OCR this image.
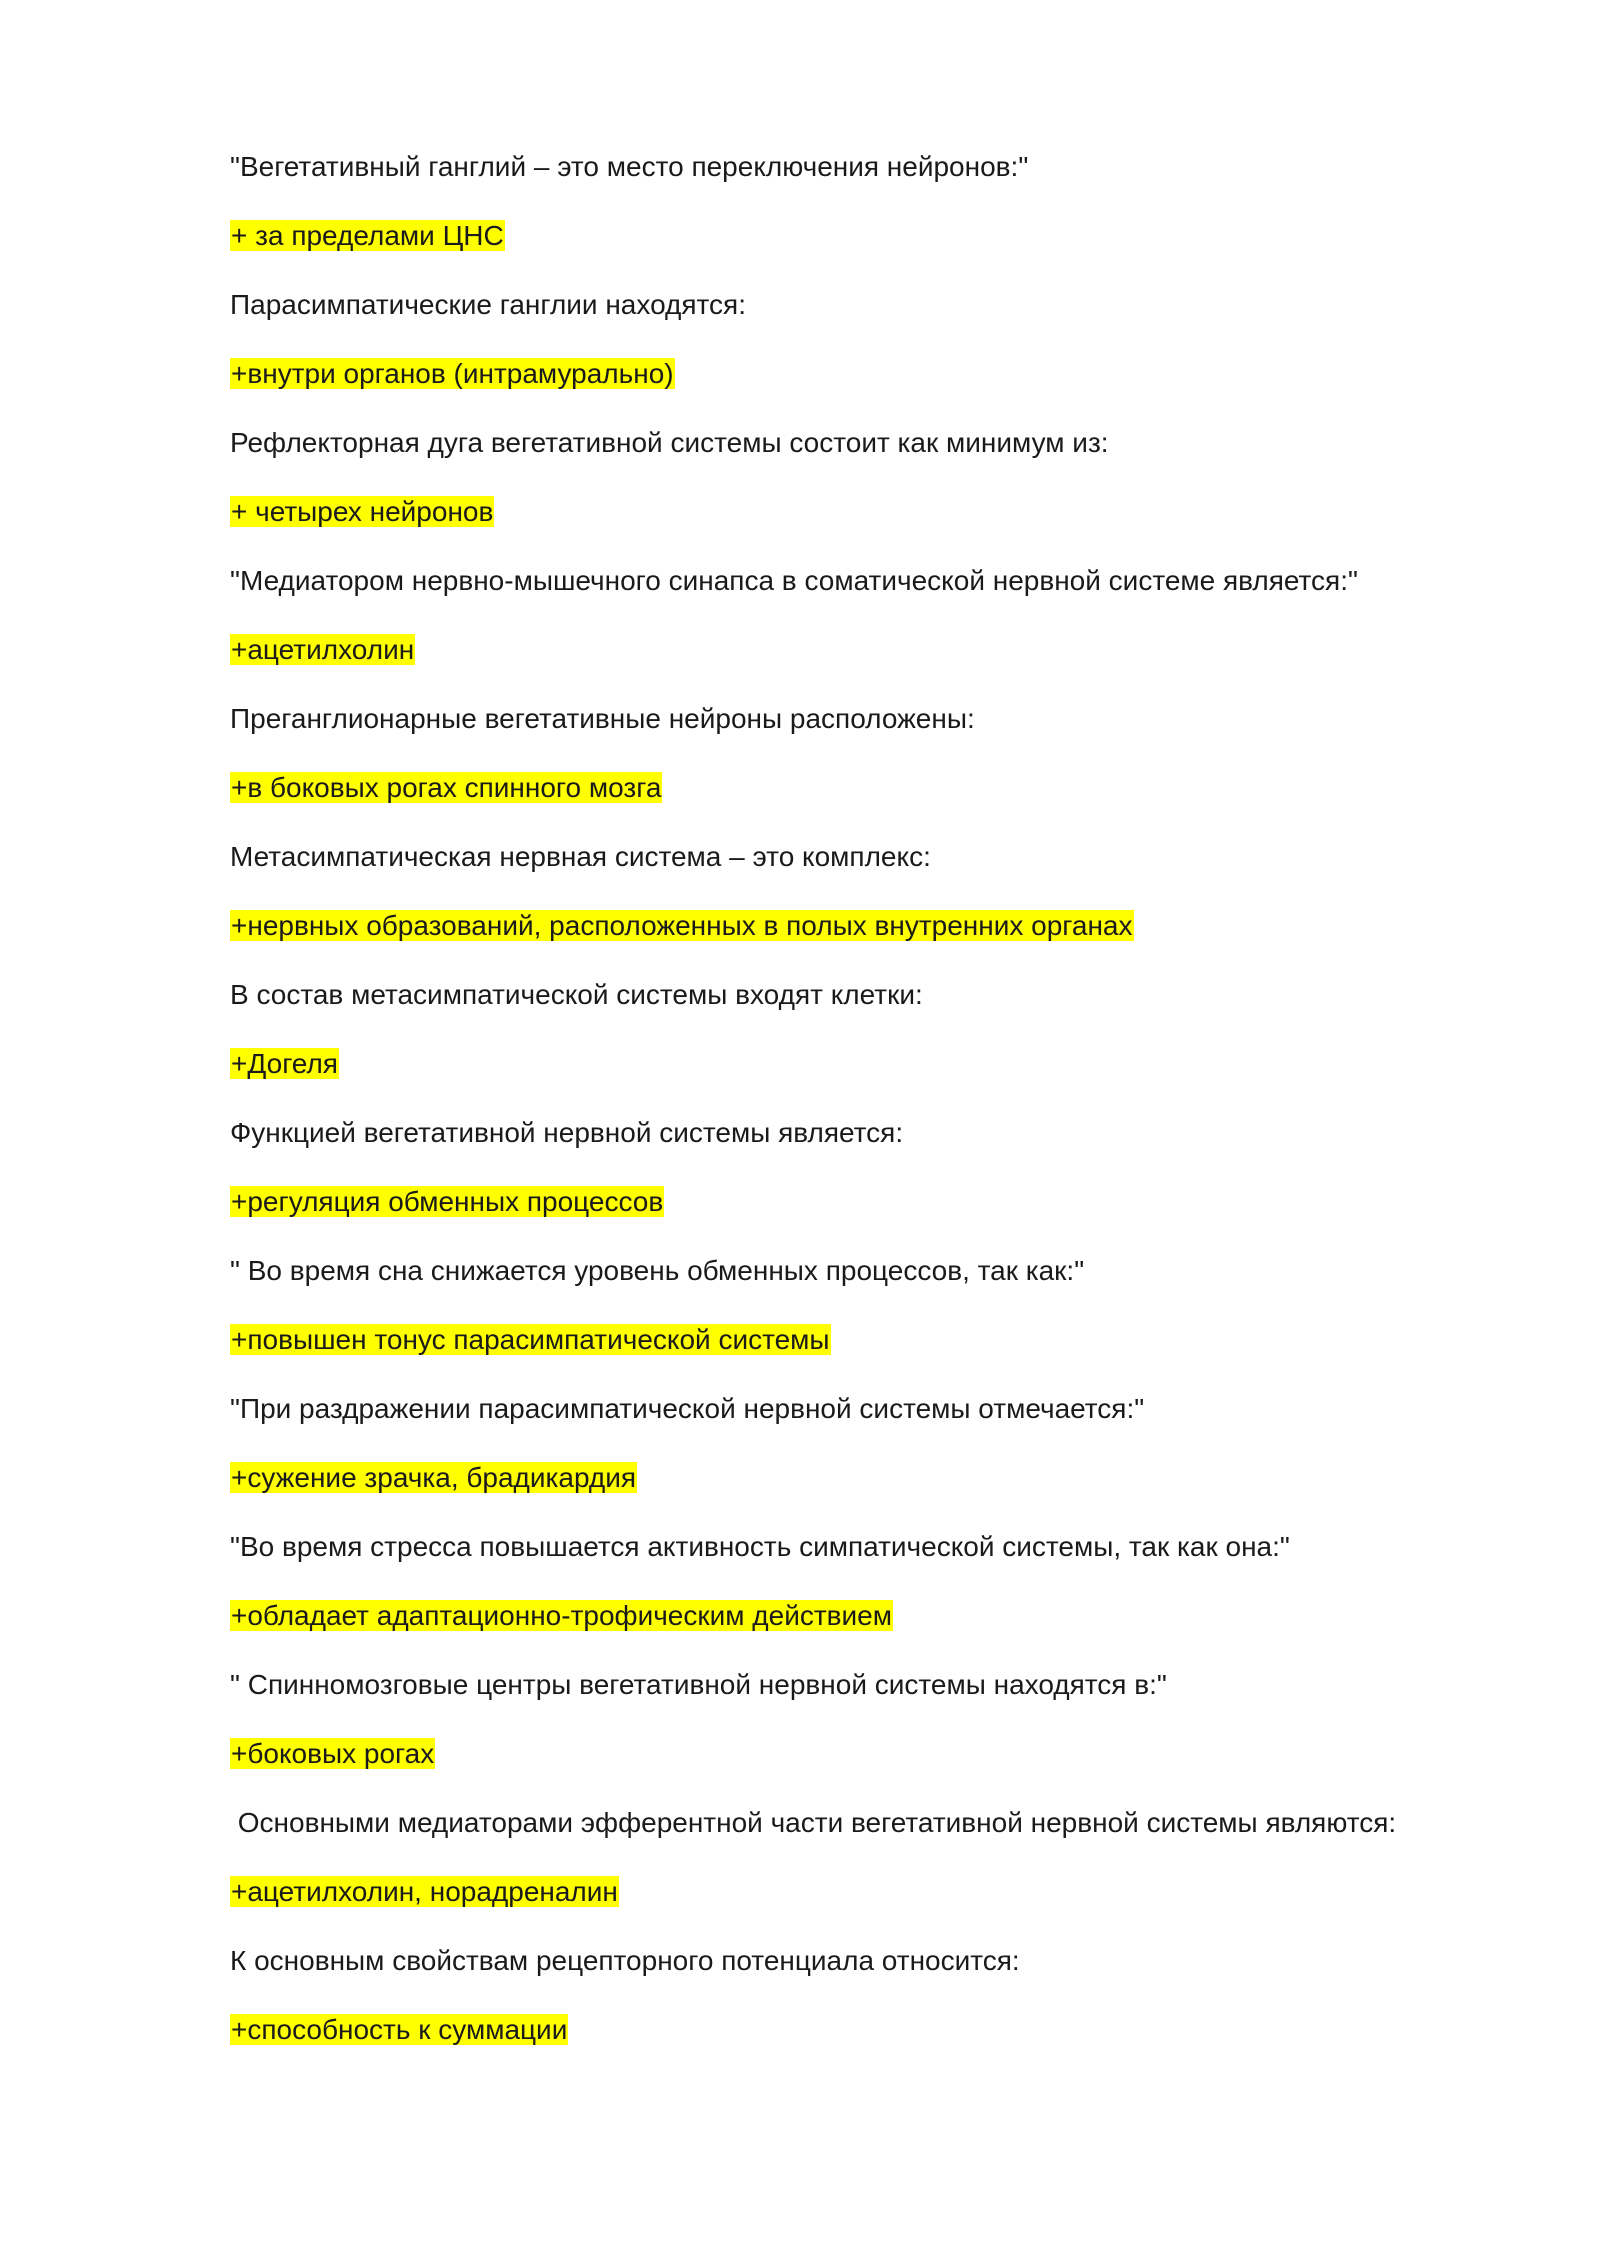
"Вегетативный ганглий – это место переключения нейронов:"
+ за пределами ЦНС
Парасимпатические ганглии находятся:
+внутри органов (интрамурально)
Рефлекторная дуга вегетативной системы состоит как минимум из:
+ четырех нейронов
"Медиатором нервно-мышечного синапса в соматической нервной системе является:"
+ацетилхолин
Преганглионарные вегетативные нейроны расположены:
+в боковых рогах спинного мозга
Метасимпатическая нервная система – это комплекс:
+нервных образований, расположенных в полых внутренних органах
В состав метасимпатической системы входят клетки:
+Догеля
Функцией вегетативной нервной системы является:
+регуляция обменных процессов
" Во время сна снижается уровень обменных процессов, так как:"
+повышен тонус парасимпатической системы
"При раздражении парасимпатической нервной системы отмечается:"
+сужение зрачка, брадикардия
"Во время стресса повышается активность симпатической системы, так как она:"
+обладает адаптационно-трофическим действием
" Спинномозговые центры вегетативной нервной системы находятся в:"
+боковых рогах
Основными медиаторами эфферентной части вегетативной нервной системы являются:
+ацетилхолин, норадреналин
К основным свойствам рецепторного потенциала относится:
+способность к суммации
